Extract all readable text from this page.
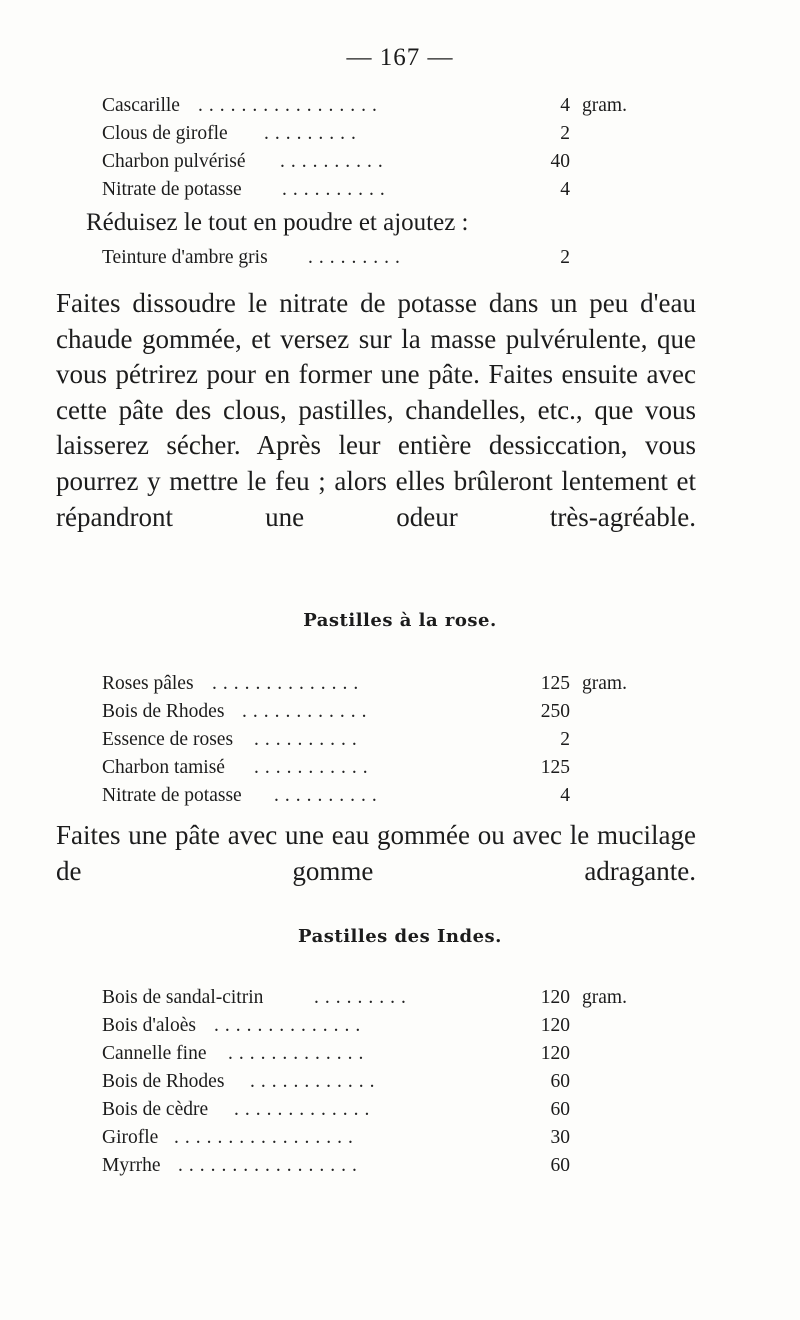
— 167 —
Cascarille .................	4 gram.
Clous de girofle .........	2
Charbon pulvérisé ..........	40
Nitrate de potasse ..........	4
Réduisez le tout en poudre et ajoutez :
Teinture d'ambre gris .........	2
Faites dissoudre le nitrate de potasse dans un peu d'eau chaude gommée, et versez sur la masse pulvérulente, que vous pétrirez pour en former une pâte. Faites ensuite avec cette pâte des clous, pastilles, chandelles, etc., que vous laisserez sécher. Après leur entière dessiccation, vous pourrez y mettre le feu ; alors elles brûleront lentement et répandront une odeur très-agréable.
Pastilles à la rose.
Roses pâles ..............	125 gram.
Bois de Rhodes ............	250
Essence de roses ..........	2
Charbon tamisé ...........	125
Nitrate de potasse ..........	4
Faites une pâte avec une eau gommée ou avec le mucilage de gomme adragante.
Pastilles des Indes.
Bois de sandal-citrin	.........	120 gram.
Bois d'aloès ..............	120
Cannelle fine .............	120
Bois de Rhodes ............	60
Bois de cèdre .............	60
Girofle .................	30
Myrrhe .................	60
